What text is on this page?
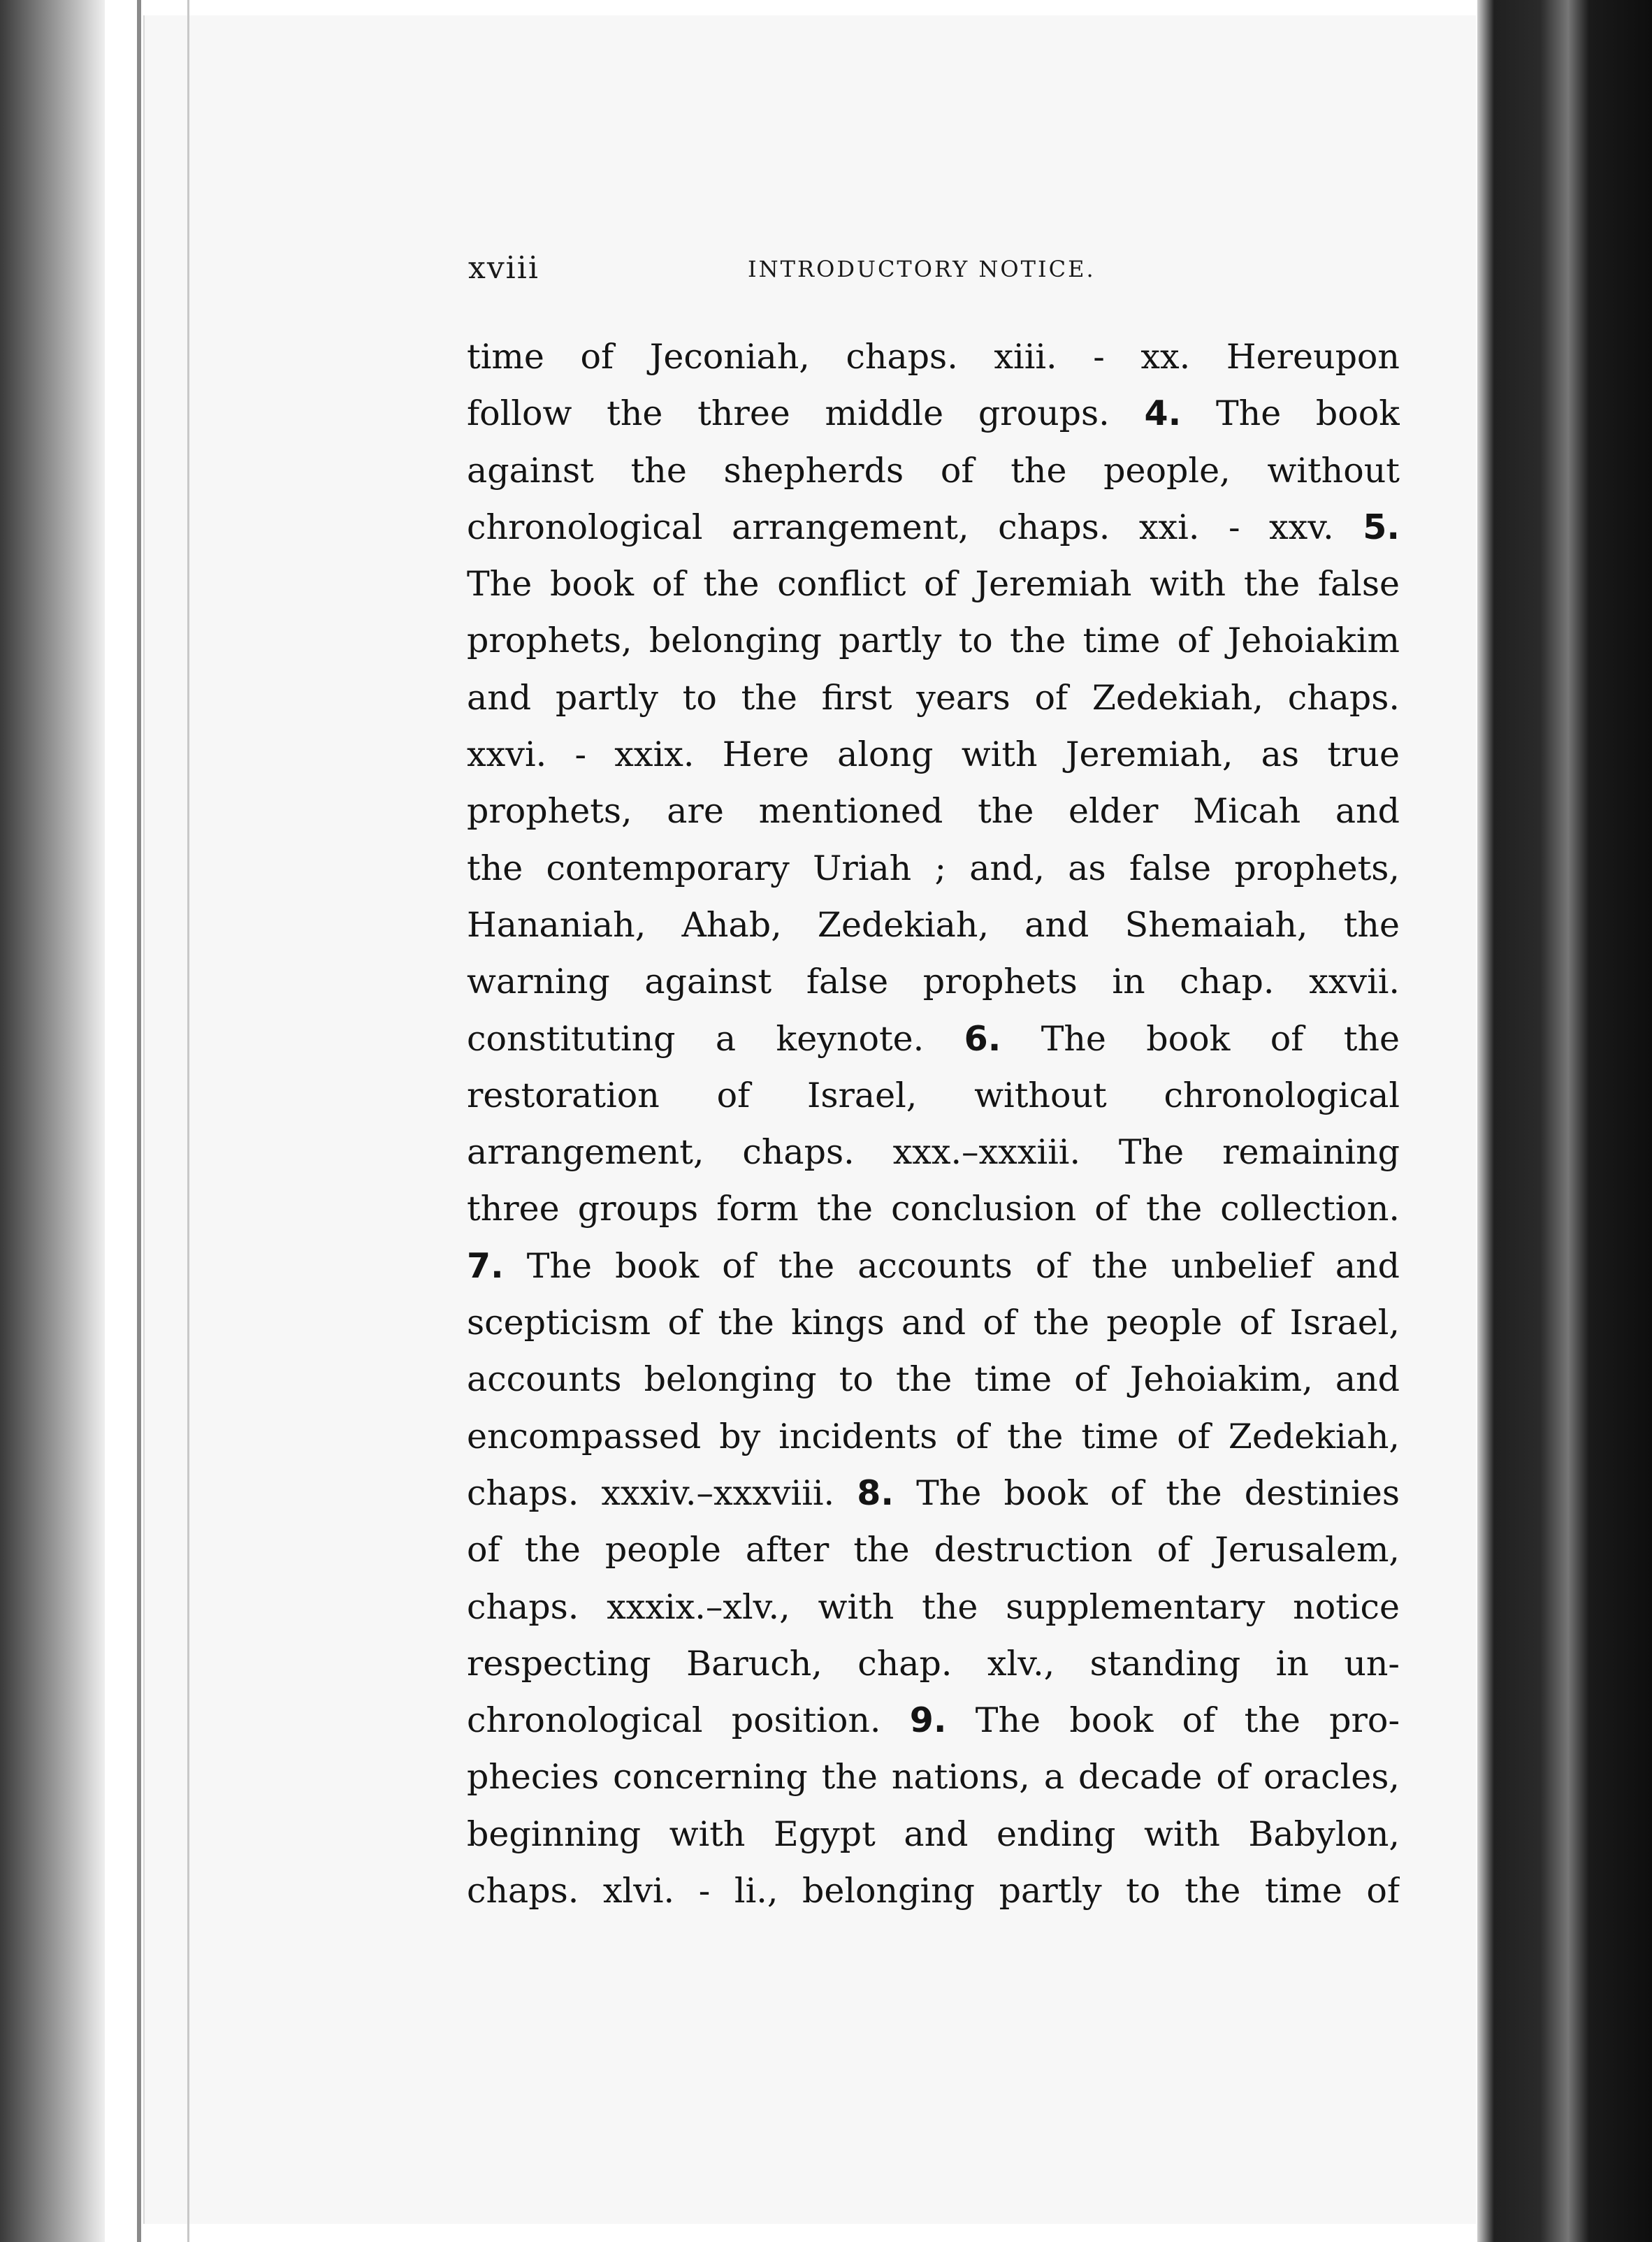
xviii	INTRODUCTORY NOTICE.
time of Jeconiah, chaps. xiii. - xx. Hereupon
follow the three middle groups. 4. The book
against the shepherds of the people, without
chronological arrangement, chaps. xxi. - xxv. 5.
The book of the conflict of Jeremiah with the false
prophets, belonging partly to the time of Jehoiakim
and partly to the first years of Zedekiah, chaps.
xxvi. - xxix. Here along with Jeremiah, as true
prophets, are mentioned the elder Micah and
the contemporary Uriah ; and, as false prophets,
Hananiah, Ahab, Zedekiah, and Shemaiah, the
warning against false prophets in chap. xxvii.
constituting a keynote. 6. The book of the
restoration of Israel, without chronological
arrangement, chaps. xxx.–xxxiii. The remaining
three groups form the conclusion of the collection.
7. The book of the accounts of the unbelief and
scepticism of the kings and of the people of Israel,
accounts belonging to the time of Jehoiakim, and
encompassed by incidents of the time of Zedekiah,
chaps. xxxiv.–xxxviii. 8. The book of the destinies
of the people after the destruction of Jerusalem,
chaps. xxxix.–xlv., with the supplementary notice
respecting Baruch, chap. xlv., standing in un-
chronological position. 9. The book of the pro-
phecies concerning the nations, a decade of oracles,
beginning with Egypt and ending with Babylon,
chaps. xlvi. - li., belonging partly to the time of
